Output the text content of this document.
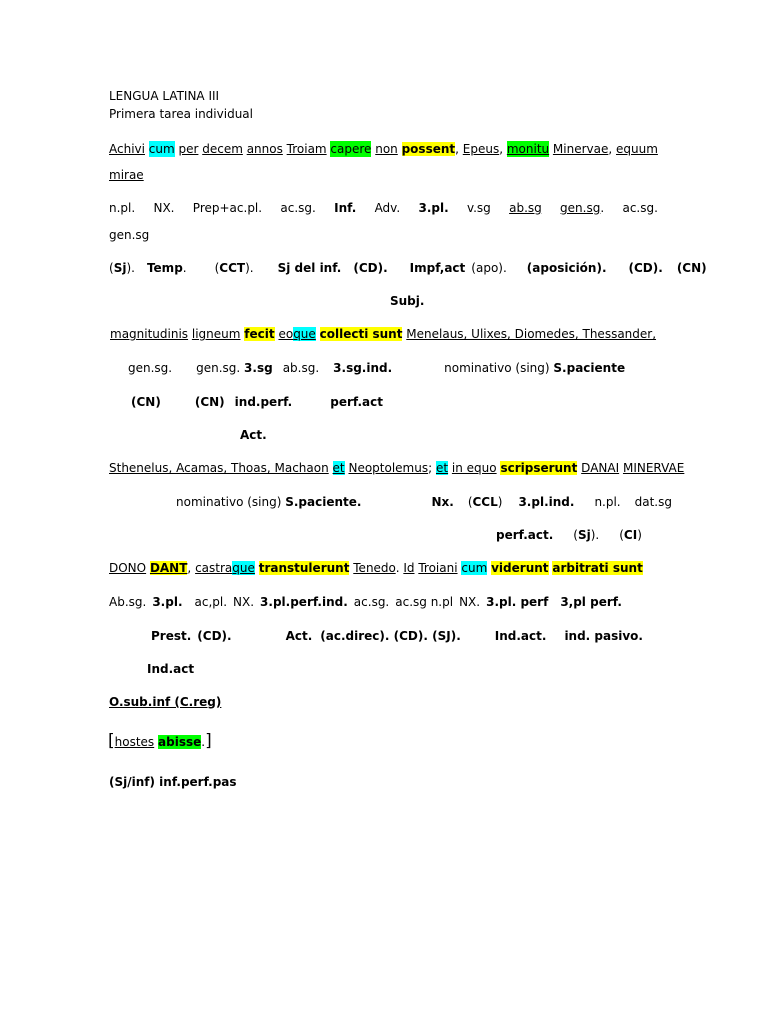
LENGUA LATINA III
Primera tarea individual
Achivi cum per decem annos Troiam capere non possent, Epeus, monitu Minervae, equum
mirae
n.pl. NX. Prep+ac.pl. ac.sg. Inf. Adv. 3.pl. v.sg ab.sg gen.sg. ac.sg.
gen.sg
(Sj). Temp. (CCT). Sj del inf. (CD). Impf,act (apo). (aposición). (CD). (CN)
Subj.
magnitudinis ligneum fecit eoque collecti sunt Menelaus, Ulixes, Diomedes, Thessander,
gen.sg. gen.sg. 3.sg ab.sg. 3.sg.ind.	nominativo (sing) S.paciente
(CN)	(CN) ind.perf.	perf.act
Act.
Sthenelus, Acamas, Thoas, Machaon et Neoptolemus; et in equo scripserunt DANAI MINERVAE
nominativo (sing) S.paciente.	Nx. (CCL) 3.pl.ind. n.pl. dat.sg
perf.act. (Sj). (CI)
DONO DANT, castraque transtulerunt Tenedo. Id Troiani cum viderunt arbitrati sunt
Ab.sg. 3.pl. ac,pl. NX. 3.pl.perf.ind. ac.sg. ac.sg n.pl NX. 3.pl. perf 3,pl perf.
Prest. (CD).	Act. (ac.direc). (CD). (SJ).	Ind.act. ind. pasivo.
Ind.act
O.sub.inf (C.reg)
[hostes abisse.]
(Sj/inf) inf.perf.pas
